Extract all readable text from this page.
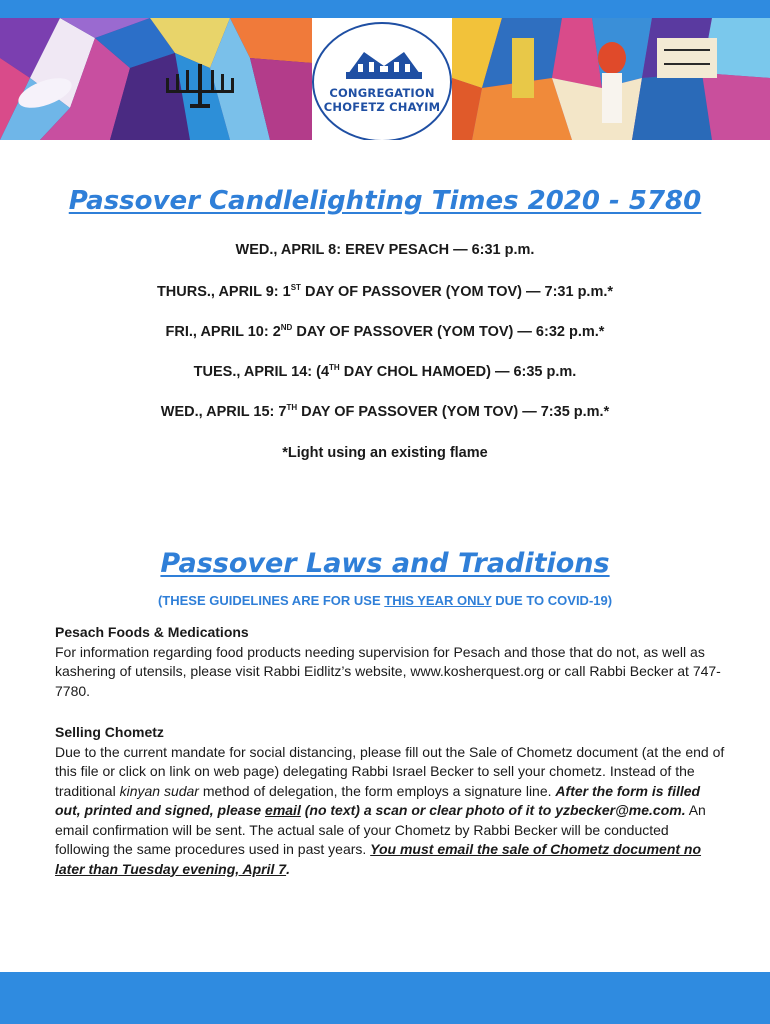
CONGREGATION
CHOFETZ CHAYIM
Passover Candlelighting Times 2020 - 5780
WED., APRIL 8: EREV PESACH — 6:31 p.m.
THURS., APRIL 9: 1ST DAY OF PASSOVER (YOM TOV) — 7:31 p.m.*
FRI., APRIL 10: 2ND DAY OF PASSOVER (YOM TOV) — 6:32 p.m.*
TUES., APRIL 14: (4TH DAY CHOL HAMOED) — 6:35 p.m.
WED., APRIL 15: 7TH DAY OF PASSOVER (YOM TOV) — 7:35 p.m.*
*Light using an existing flame
Passover Laws and Traditions
(THESE GUIDELINES ARE FOR USE THIS YEAR ONLY DUE TO COVID-19)
Pesach Foods & Medications
For information regarding food products needing supervision for Pesach and those that do not, as well as kashering of utensils, please visit Rabbi Eidlitz’s website, www.kosherquest.org or call Rabbi Becker at 747-7780.
Selling Chometz
Due to the current mandate for social distancing, please fill out the Sale of Chometz document (at the end of this file or click on link on web page) delegating Rabbi Israel Becker to sell your chometz. Instead of the traditional kinyan sudar method of delegation, the form employs a signature line. After the form is filled out, printed and signed, please email (no text) a scan or clear photo of it to yzbecker@me.com. An email confirmation will be sent. The actual sale of your Chometz by Rabbi Becker will be conducted following the same procedures used in past years. You must email the sale of Chometz document no later than Tuesday evening, April 7.
